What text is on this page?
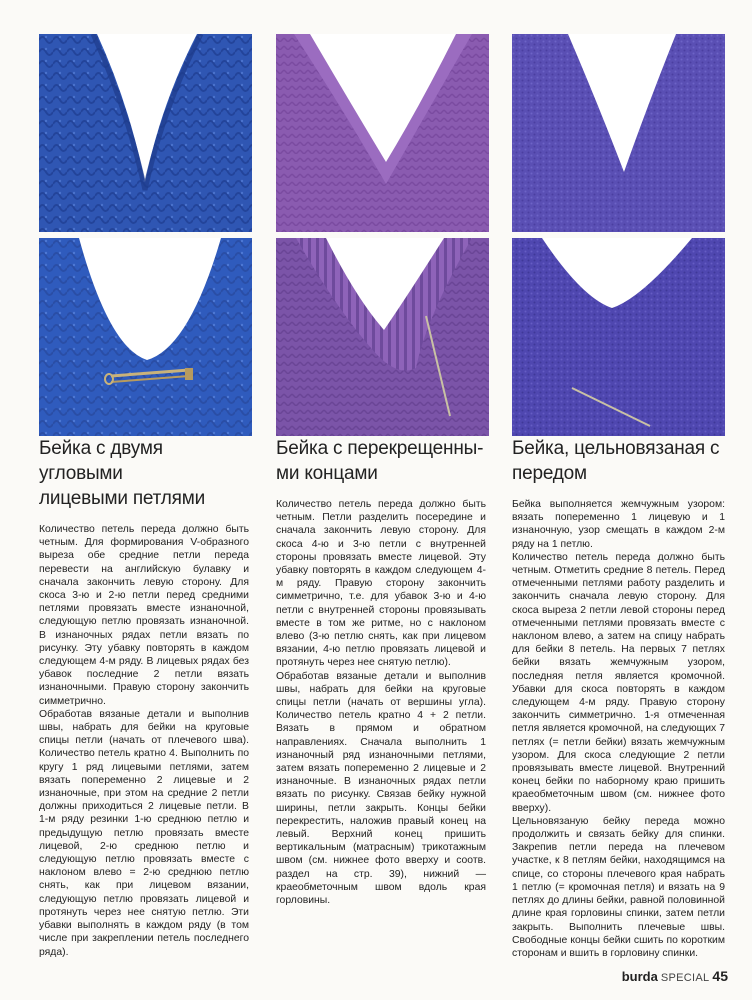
Бейка с двумя угловыми
лицевыми петлями

Количество петель переда должно быть четным. Для формирования V-образного выреза обе средние петли переда перевести на английскую булавку и сначала закончить левую сторону. Для скоса 3-ю и 2-ю петли перед средними петлями провязать вместе изнаночной, следующую петлю провязать изнаночной. В изнаночных рядах петли вязать по рисунку. Эту убавку повторять в каждом следующем 4-м ряду. В лицевых рядах без убавок последние 2 петли вязать изнаночными. Правую сторону закончить симметрично.
Обработав вязаные детали и выполнив швы, набрать для бейки на круговые спицы петли (начать от плечевого шва). Количество петель кратно 4. Выполнить по кругу 1 ряд лицевыми петлями, затем вязать попеременно 2 лицевые и 2 изнаночные, при этом на средние 2 петли должны приходиться 2 лицевые петли. В 1-м ряду резинки 1-ю среднюю петлю и предыдущую петлю провязать вместе лицевой, 2-ю среднюю петлю и следующую петлю провязать вместе с наклоном влево = 2-ю среднюю петлю снять, как при лицевом вязании, следующую петлю провязать лицевой и протянуть через нее снятую петлю. Эти убавки выполнять в каждом ряду (в том числе при закреплении петель последнего ряда).

Бейка с перекрещенны-
ми концами

Количество петель переда должно быть четным. Петли разделить посередине и сначала закончить левую сторону. Для скоса 4-ю и 3-ю петли с внутренней стороны провязать вместе лицевой. Эту убавку повторять в каждом следующем 4-м ряду. Правую сторону закончить симметрично, т.е. для убавок 3-ю и 4-ю петли с внутренней стороны провязывать вместе в том же ритме, но с наклоном влево (3-ю петлю снять, как при лицевом вязании, 4-ю петлю провязать лицевой и протянуть через нее снятую петлю).
Обработав вязаные детали и выполнив швы, набрать для бейки на круговые спицы петли (начать от вершины угла). Количество петель кратно 4 + 2 петли. Вязать в прямом и обратном направлениях. Сначала выполнить 1 изнаночный ряд изнаночными петлями, затем вязать попеременно 2 лицевые и 2 изнаночные. В изнаночных рядах петли вязать по рисунку. Связав бейку нужной ширины, петли закрыть. Концы бейки перекрестить, наложив правый конец на левый. Верхний конец пришить вертикальным (матрасным) трикотажным швом (см. нижнее фото вверху и соотв. раздел на стр. 39), нижний — краеобметочным швом вдоль края горловины.

Бейка, цельновязаная с
передом

Бейка выполняется жемчужным узором: вязать попеременно 1 лицевую и 1 изнаночную, узор смещать в каждом 2-м ряду на 1 петлю.
Количество петель переда должно быть четным. Отметить средние 8 петель. Перед отмеченными петлями работу разделить и закончить сначала левую сторону. Для скоса выреза 2 петли левой стороны перед отмеченными петлями провязать вместе с наклоном влево, а затем на спицу набрать для бейки 8 петель. На первых 7 петлях бейки вязать жемчужным узором, последняя петля является кромочной. Убавки для скоса повторять в каждом следующем 4-м ряду. Правую сторону закончить симметрично. 1-я отмеченная петля является кромочной, на следующих 7 петлях (= петли бейки) вязать жемчужным узором. Для скоса следующие 2 петли провязывать вместе лицевой. Внутренний конец бейки по наборному краю пришить краеобметочным швом (см. нижнее фото вверху).
Цельновязаную бейку переда можно продолжить и связать бейку для спинки. Закрепив петли переда на плечевом участке, к 8 петлям бейки, находящимся на спице, со стороны плечевого края набрать 1 петлю (= кромочная петля) и вязать на 9 петлях до длины бейки, равной половинной длине края горловины спинки, затем петли закрыть. Выполнить плечевые швы. Свободные концы бейки сшить по коротким сторонам и вшить в горловину спинки.

burda SPECIAL 45
